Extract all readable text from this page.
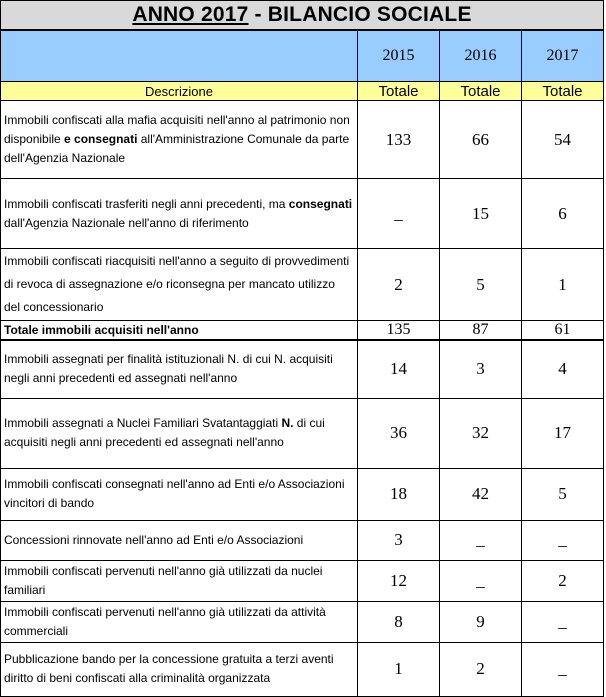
ANNO 2017 - BILANCIO SOCIALE
	2015	2016	2017
Descrizione	Totale	Totale	Totale
Immobili confiscati alla mafia acquisiti nell'anno al patrimonio non disponibile e consegnati all'Amministrazione Comunale da parte dell'Agenzia Nazionale	133	66	54
Immobili confiscati trasferiti negli anni precedenti, ma consegnati dall'Agenzia Nazionale nell'anno di riferimento	_	15	6
Immobili confiscati riacquisiti nell'anno a seguito di provvedimenti di revoca di assegnazione e/o riconsegna per mancato utilizzo del concessionario	2	5	1
Totale immobili acquisiti nell'anno	135	87	61
Immobili assegnati per finalità istituzionali N. di cui N. acquisiti negli anni precedenti ed assegnati nell'anno	14	3	4
Immobili assegnati a Nuclei Familiari Svatantaggiati N. di cui acquisiti negli anni precedenti ed assegnati nell'anno	36	32	17
Immobili confiscati consegnati nell'anno ad Enti e/o Associazioni vincitori di bando	18	42	5
Concessioni rinnovate nell'anno ad Enti e/o Associazioni	3	_	_
Immobili confiscati pervenuti nell'anno già utilizzati da nuclei familiari	12	_	2
Immobili confiscati pervenuti nell'anno già utilizzati da attività commerciali	8	9	_
Pubblicazione bando per la concessione gratuita a terzi aventi diritto di beni confiscati alla criminalità organizzata	1	2	_
